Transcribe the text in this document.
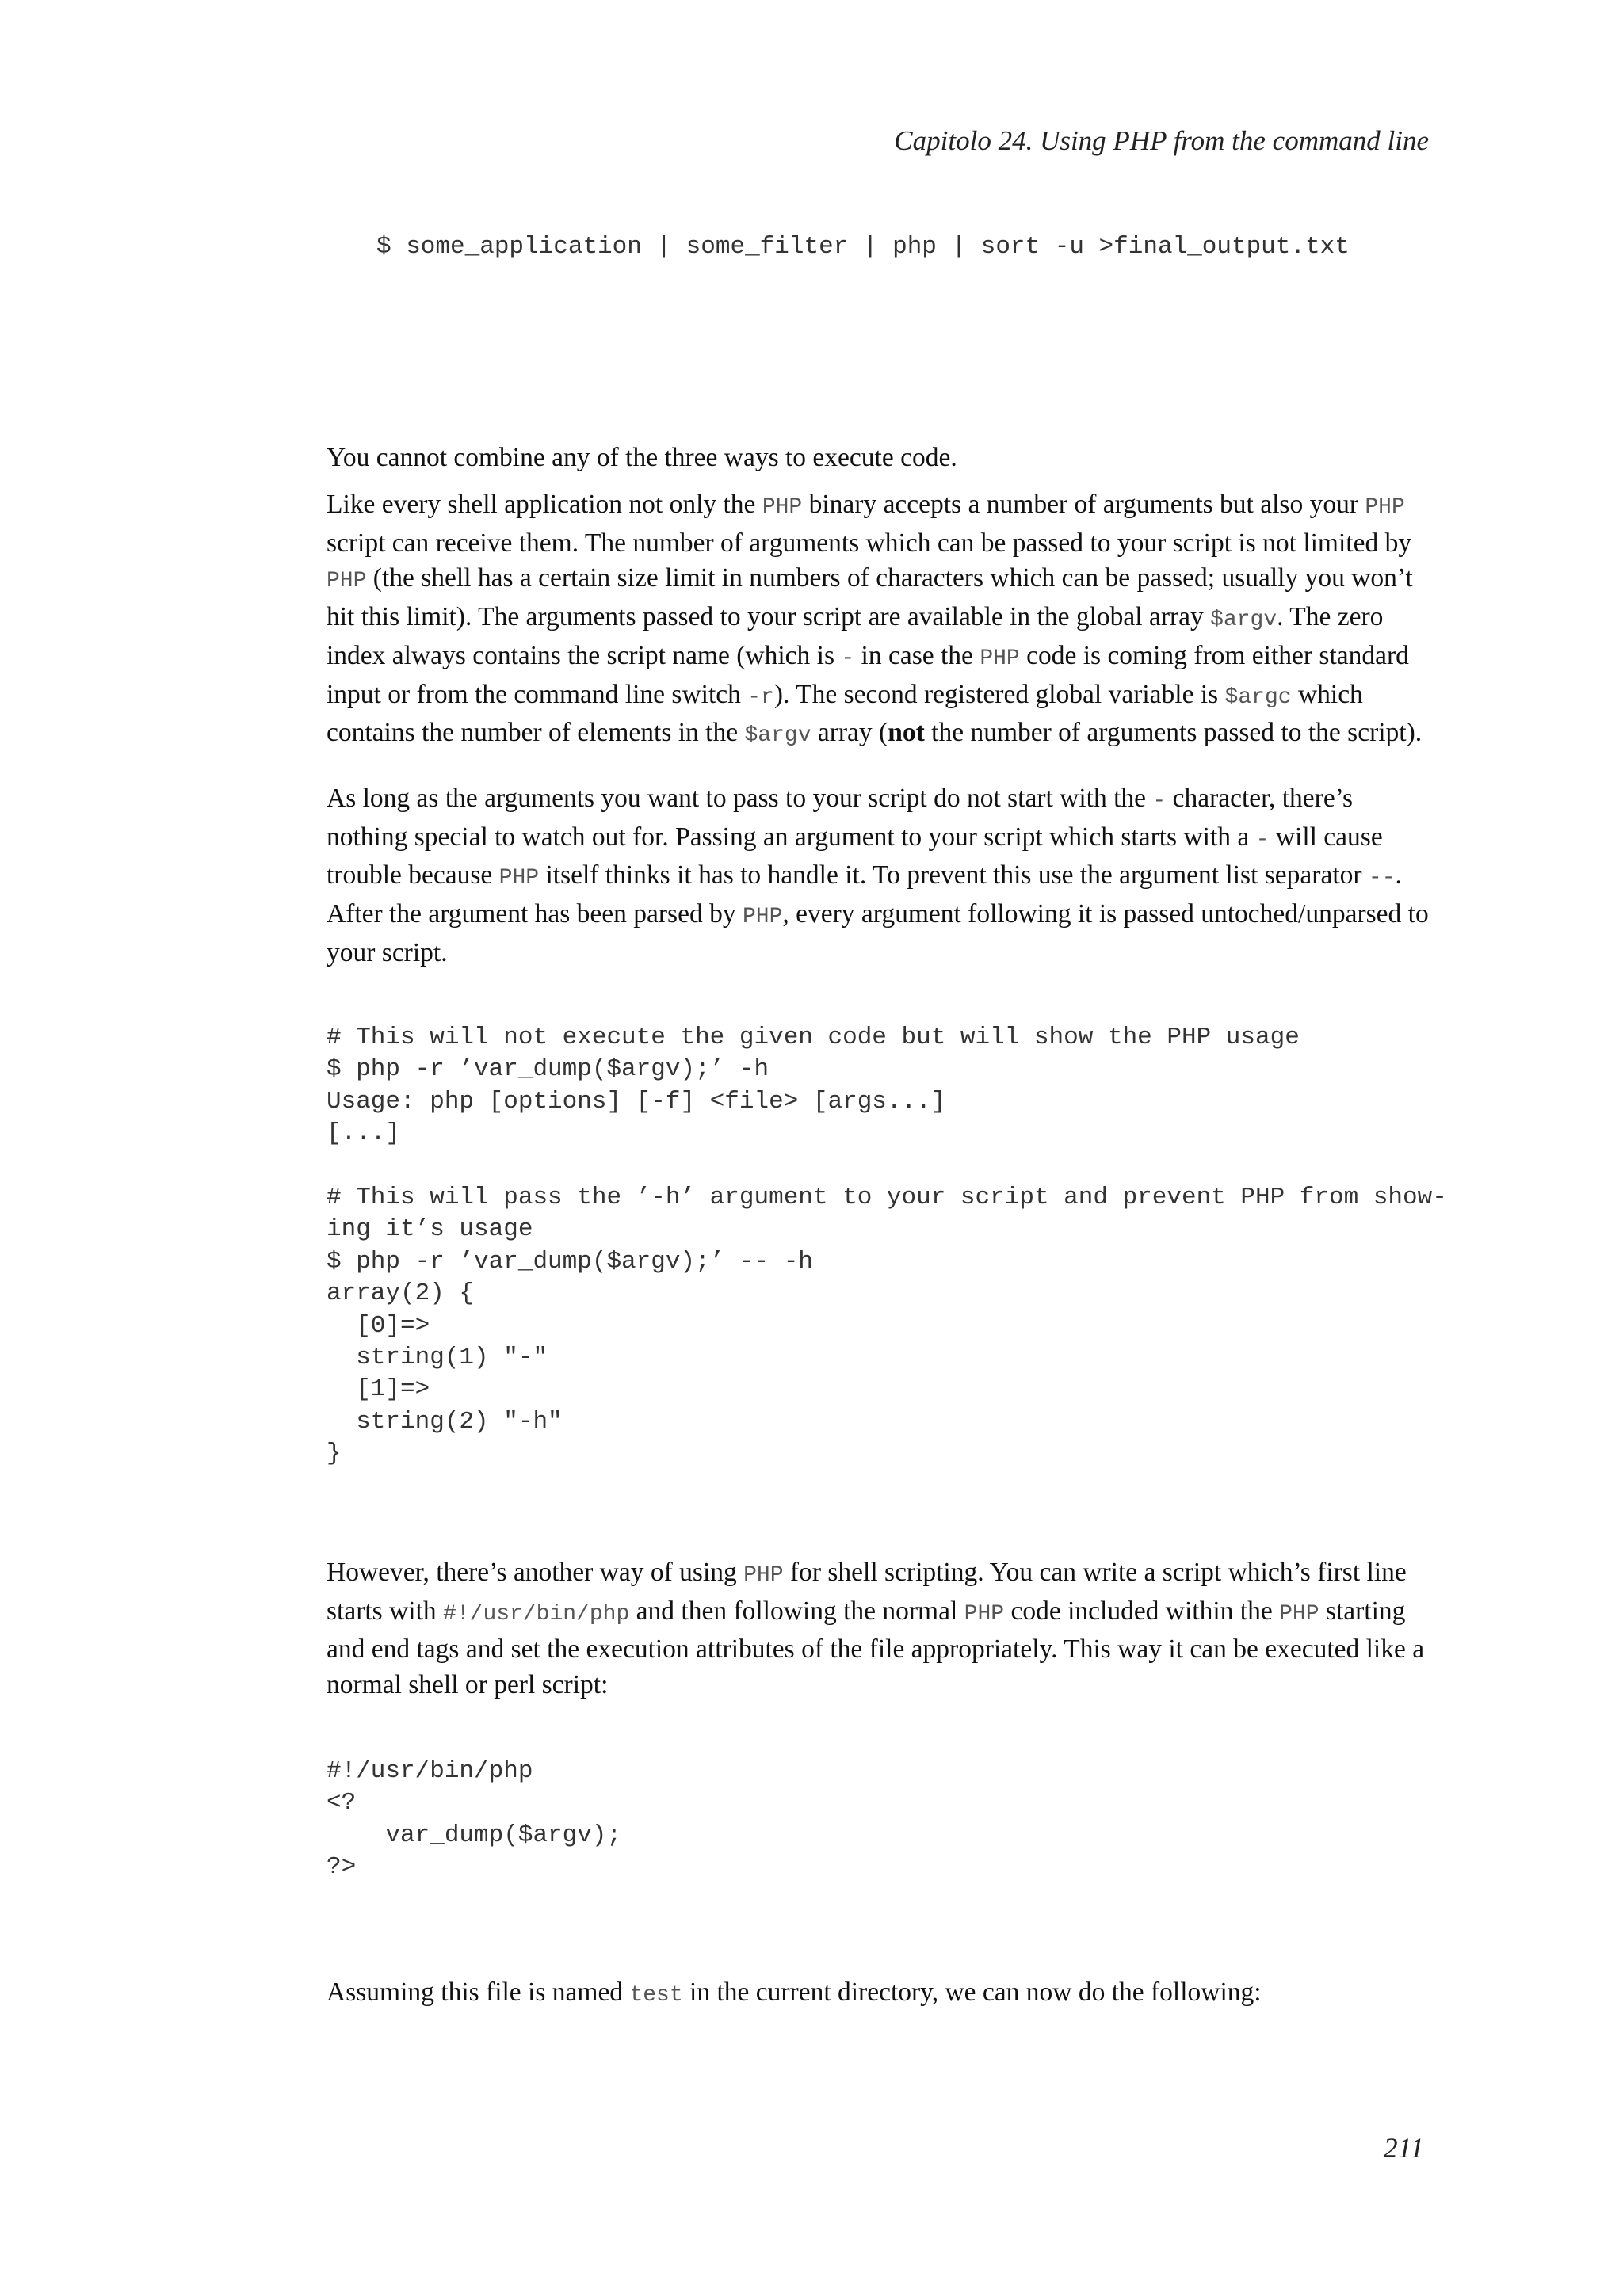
Capitolo 24. Using PHP from the command line
$ some_application | some_filter | php | sort -u >final_output.txt

You cannot combine any of the three ways to execute code.

Like every shell application not only the PHP binary accepts a number of arguments but also your PHP script can receive them. The number of arguments which can be passed to your script is not limited by PHP (the shell has a certain size limit in numbers of characters which can be passed; usually you won’t hit this limit). The arguments passed to your script are available in the global array $argv. The zero index always contains the script name (which is - in case the PHP code is coming from either standard input or from the command line switch -r). The second registered global variable is $argc which contains the number of elements in the $argv array (not the number of arguments passed to the script).

As long as the arguments you want to pass to your script do not start with the - character, there’s nothing special to watch out for. Passing an argument to your script which starts with a - will cause trouble because PHP itself thinks it has to handle it. To prevent this use the argument list separator --. After the argument has been parsed by PHP, every argument following it is passed untoched/unparsed to your script.

# This will not execute the given code but will show the PHP usage
$ php -r ’var_dump($argv);’ -h
Usage: php [options] [-f] <file> [args...]
[...]

# This will pass the ’-h’ argument to your script and prevent PHP from show-
ing it’s usage
$ php -r ’var_dump($argv);’ -- -h
array(2) {
[0]=>
string(1) "-"
[1]=>
string(2) "-h"
}

However, there’s another way of using PHP for shell scripting. You can write a script which’s first line starts with #!/usr/bin/php and then following the normal PHP code included within the PHP starting and end tags and set the execution attributes of the file appropriately. This way it can be executed like a normal shell or perl script:

#!/usr/bin/php
<?
var_dump($argv);
?>

Assuming this file is named test in the current directory, we can now do the following:

211
